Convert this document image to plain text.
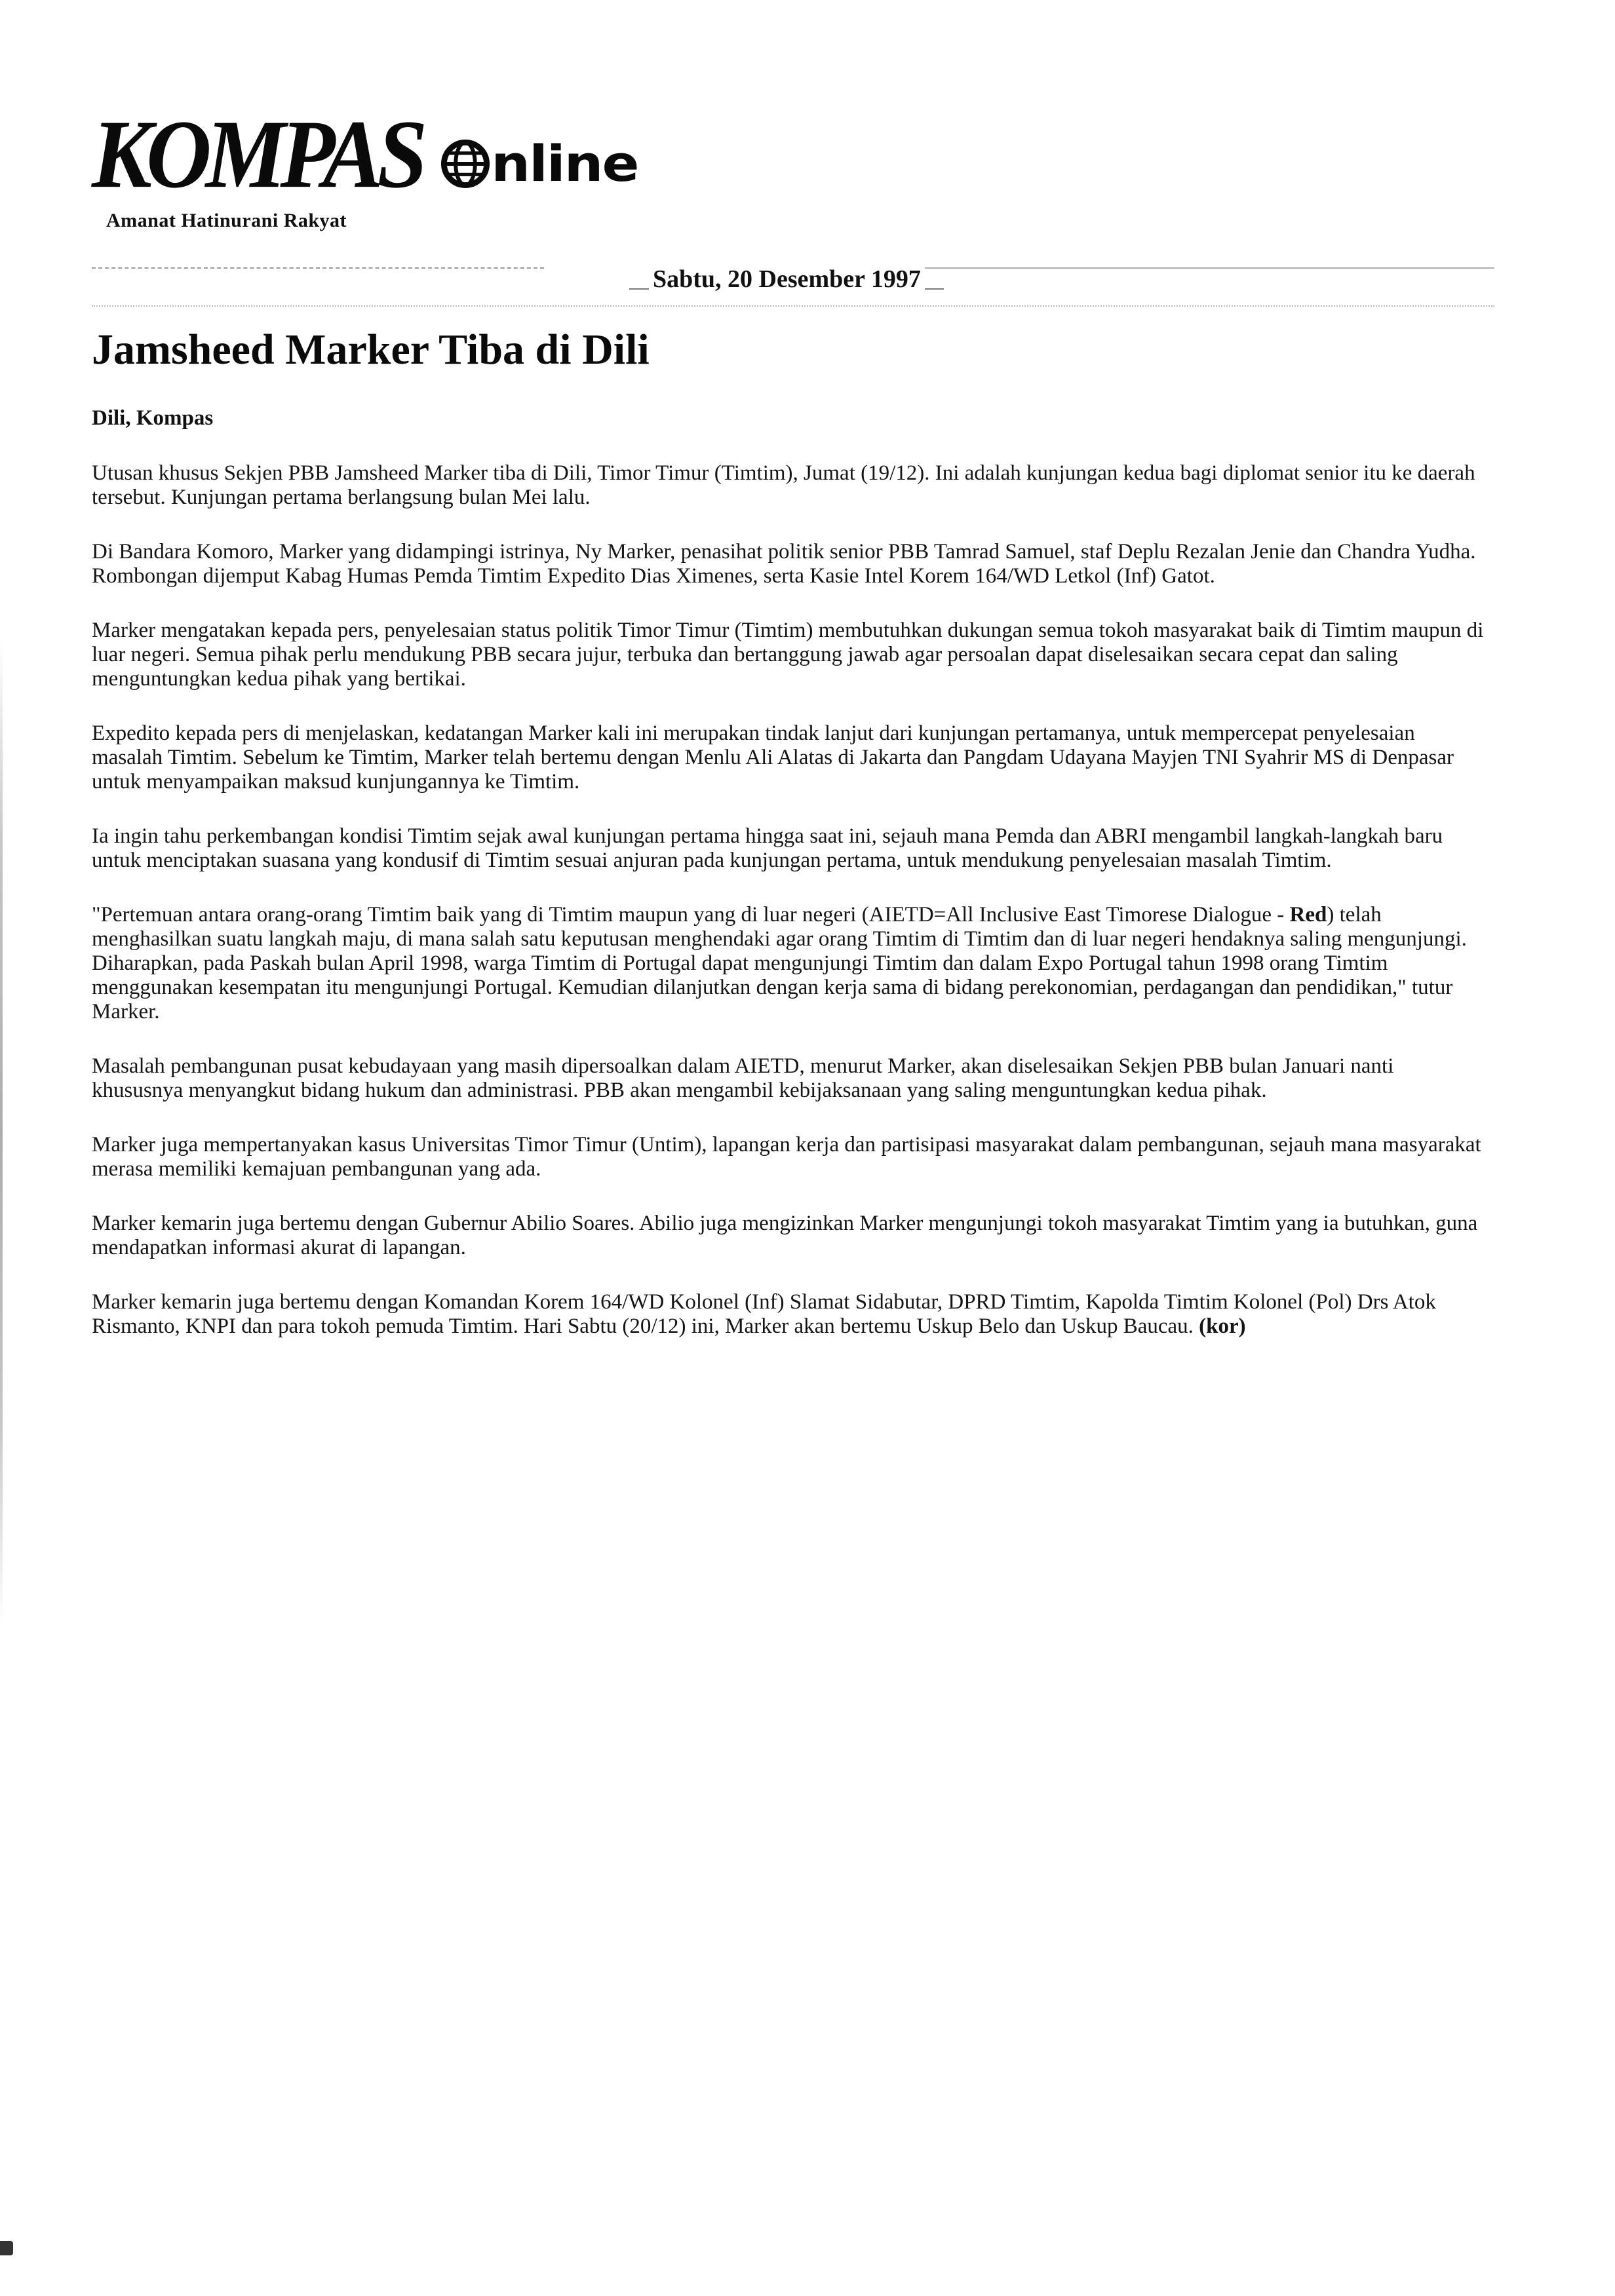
KOMPAS nline
Amanat Hatinurani Rakyat
Sabtu, 20 Desember 1997
Jamsheed Marker Tiba di Dili
Dili, Kompas

Utusan khusus Sekjen PBB Jamsheed Marker tiba di Dili, Timor Timur (Timtim), Jumat (19/12). Ini adalah kunjungan kedua bagi diplomat senior itu ke daerah tersebut. Kunjungan pertama berlangsung bulan Mei lalu.

Di Bandara Komoro, Marker yang didampingi istrinya, Ny Marker, penasihat politik senior PBB Tamrad Samuel, staf Deplu Rezalan Jenie dan Chandra Yudha. Rombongan dijemput Kabag Humas Pemda Timtim Expedito Dias Ximenes, serta Kasie Intel Korem 164/WD Letkol (Inf) Gatot.

Marker mengatakan kepada pers, penyelesaian status politik Timor Timur (Timtim) membutuhkan dukungan semua tokoh masyarakat baik di Timtim maupun di luar negeri. Semua pihak perlu mendukung PBB secara jujur, terbuka dan bertanggung jawab agar persoalan dapat diselesaikan secara cepat dan saling menguntungkan kedua pihak yang bertikai.

Expedito kepada pers di menjelaskan, kedatangan Marker kali ini merupakan tindak lanjut dari kunjungan pertamanya, untuk mempercepat penyelesaian masalah Timtim. Sebelum ke Timtim, Marker telah bertemu dengan Menlu Ali Alatas di Jakarta dan Pangdam Udayana Mayjen TNI Syahrir MS di Denpasar untuk menyampaikan maksud kunjungannya ke Timtim.

Ia ingin tahu perkembangan kondisi Timtim sejak awal kunjungan pertama hingga saat ini, sejauh mana Pemda dan ABRI mengambil langkah-langkah baru untuk menciptakan suasana yang kondusif di Timtim sesuai anjuran pada kunjungan pertama, untuk mendukung penyelesaian masalah Timtim.

"Pertemuan antara orang-orang Timtim baik yang di Timtim maupun yang di luar negeri (AIETD=All Inclusive East Timorese Dialogue - Red) telah menghasilkan suatu langkah maju, di mana salah satu keputusan menghendaki agar orang Timtim di Timtim dan di luar negeri hendaknya saling mengunjungi. Diharapkan, pada Paskah bulan April 1998, warga Timtim di Portugal dapat mengunjungi Timtim dan dalam Expo Portugal tahun 1998 orang Timtim menggunakan kesempatan itu mengunjungi Portugal. Kemudian dilanjutkan dengan kerja sama di bidang perekonomian, perdagangan dan pendidikan," tutur Marker.

Masalah pembangunan pusat kebudayaan yang masih dipersoalkan dalam AIETD, menurut Marker, akan diselesaikan Sekjen PBB bulan Januari nanti khususnya menyangkut bidang hukum dan administrasi. PBB akan mengambil kebijaksanaan yang saling menguntungkan kedua pihak.

Marker juga mempertanyakan kasus Universitas Timor Timur (Untim), lapangan kerja dan partisipasi masyarakat dalam pembangunan, sejauh mana masyarakat merasa memiliki kemajuan pembangunan yang ada.

Marker kemarin juga bertemu dengan Gubernur Abilio Soares. Abilio juga mengizinkan Marker mengunjungi tokoh masyarakat Timtim yang ia butuhkan, guna mendapatkan informasi akurat di lapangan.

Marker kemarin juga bertemu dengan Komandan Korem 164/WD Kolonel (Inf) Slamat Sidabutar, DPRD Timtim, Kapolda Timtim Kolonel (Pol) Drs Atok Rismanto, KNPI dan para tokoh pemuda Timtim. Hari Sabtu (20/12) ini, Marker akan bertemu Uskup Belo dan Uskup Baucau. (kor)
